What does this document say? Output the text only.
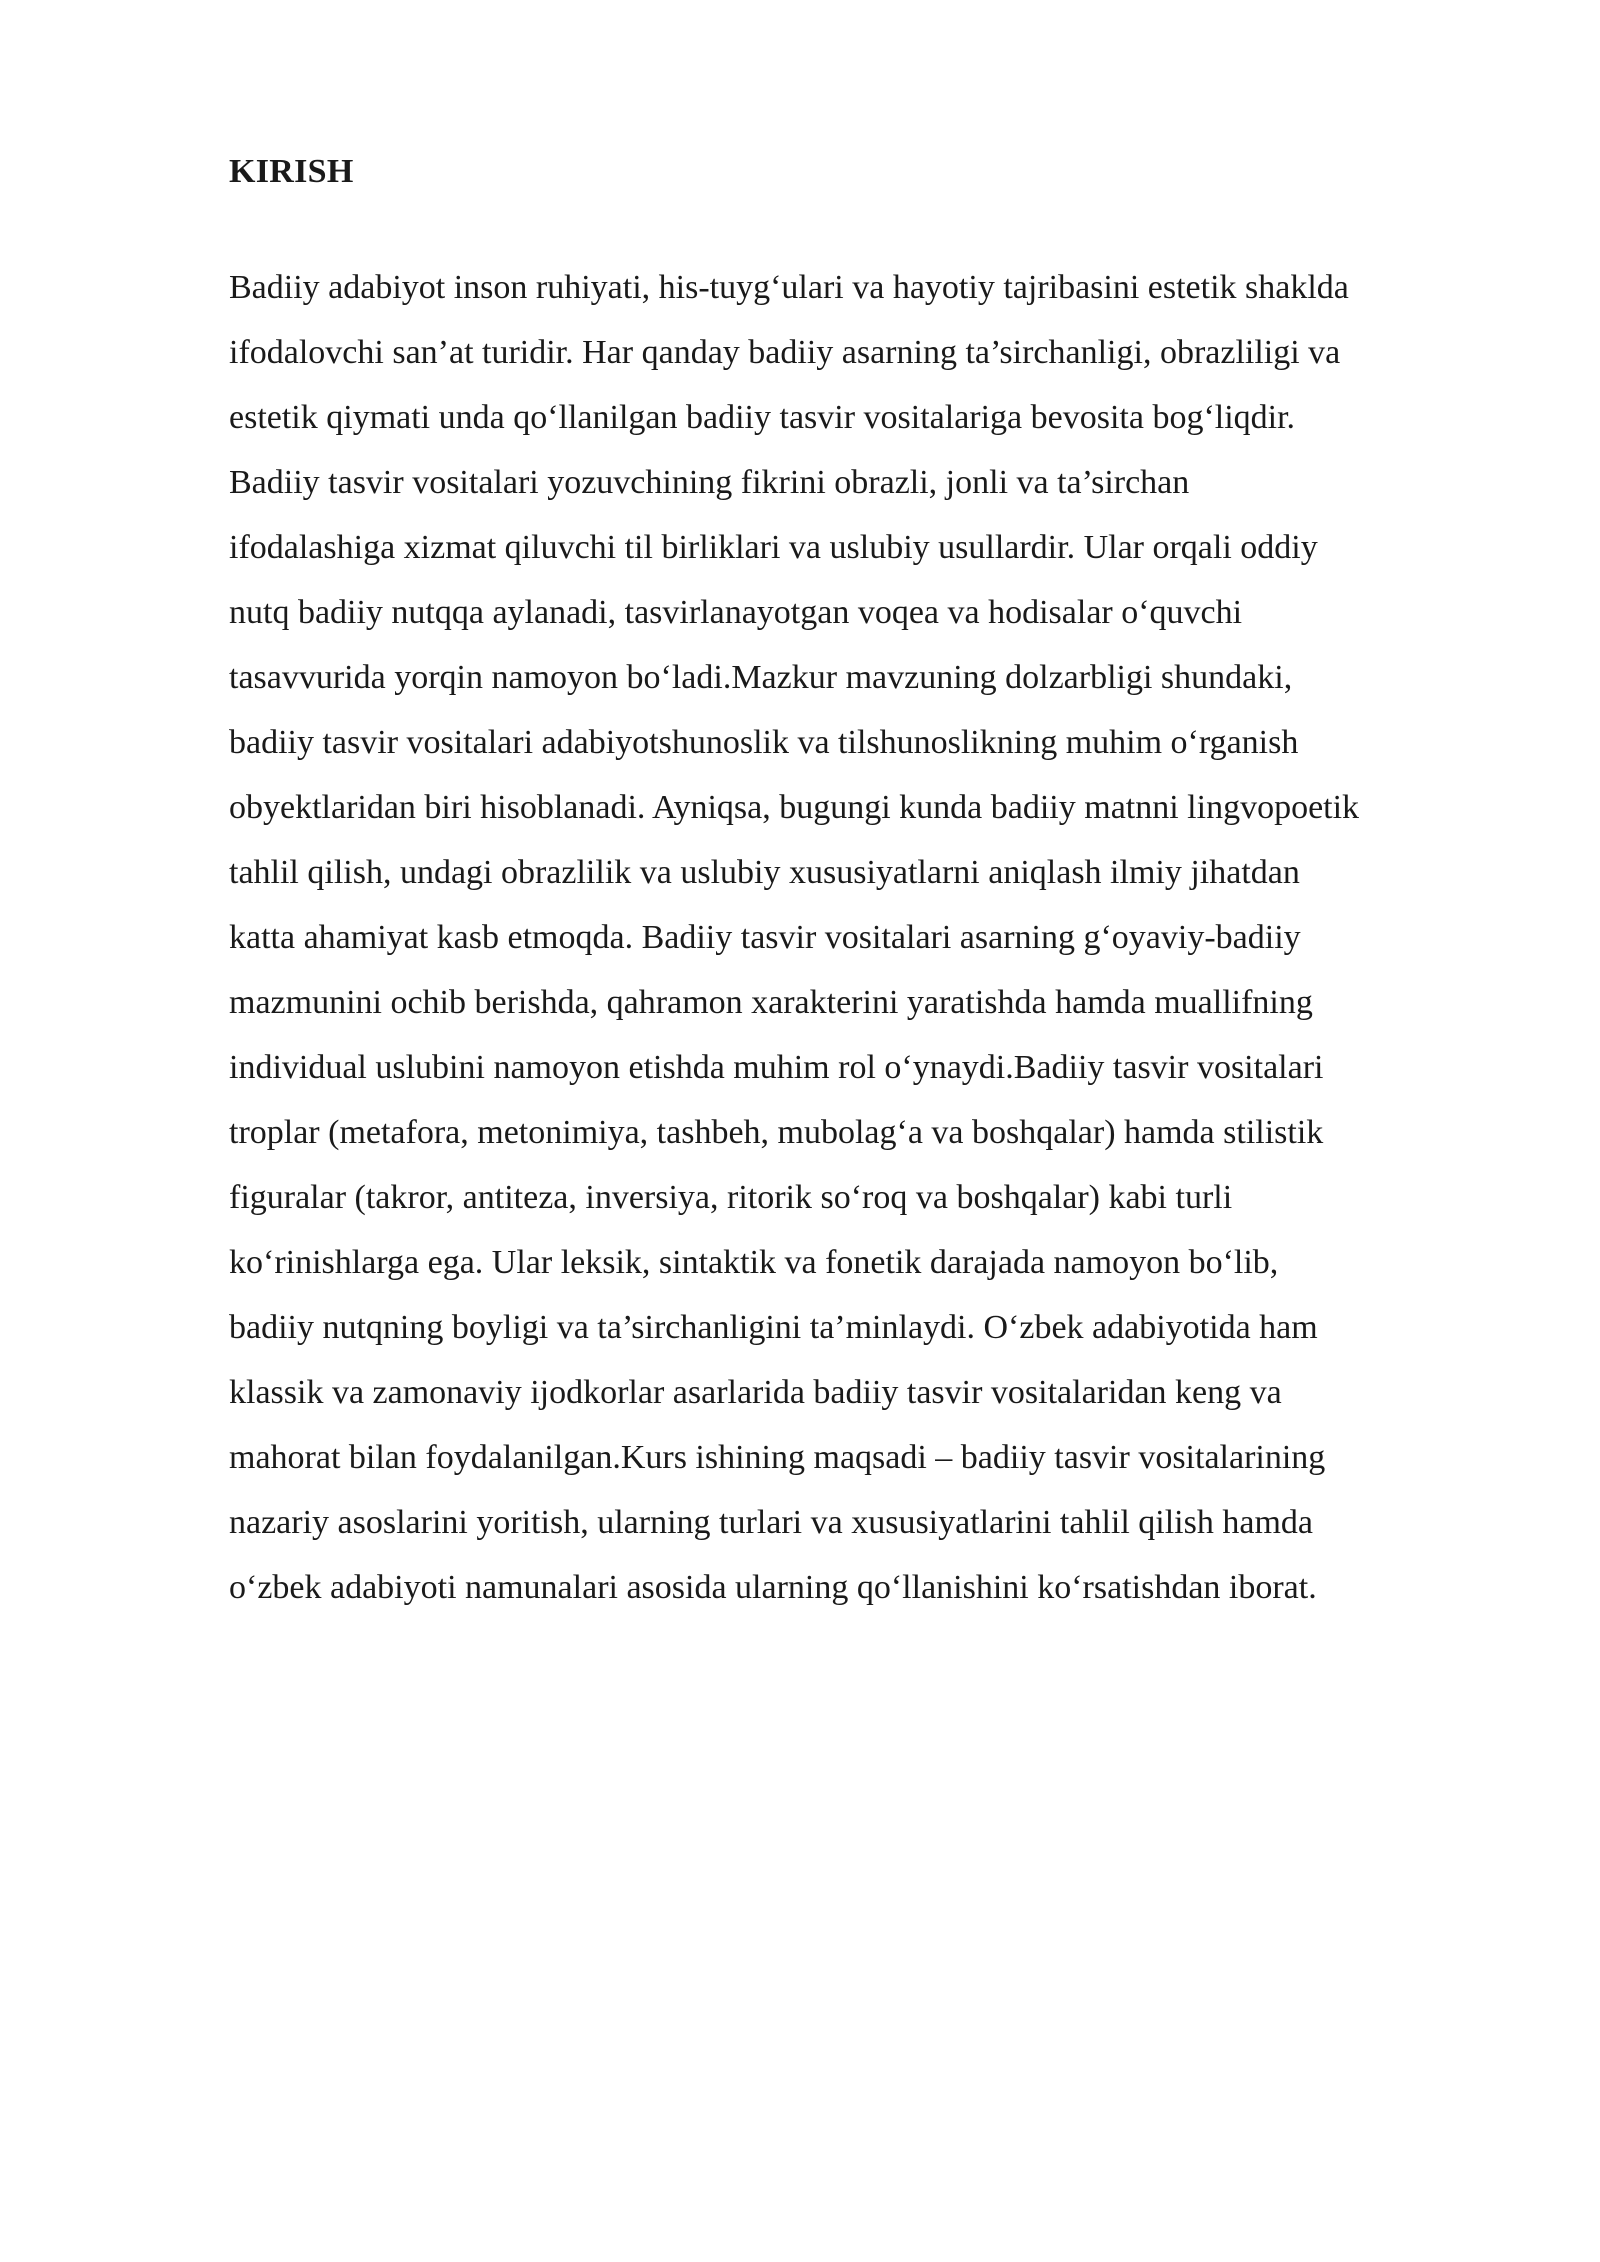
KIRISH
Badiiy adabiyot inson ruhiyati, his-tuyg‘ulari va hayotiy tajribasini estetik shaklda
ifodalovchi san’at turidir. Har qanday badiiy asarning ta’sirchanligi, obrazliligi va
estetik qiymati unda qo‘llanilgan badiiy tasvir vositalariga bevosita bog‘liqdir.
Badiiy tasvir vositalari yozuvchining fikrini obrazli, jonli va ta’sirchan
ifodalashiga xizmat qiluvchi til birliklari va uslubiy usullardir. Ular orqali oddiy
nutq badiiy nutqqa aylanadi, tasvirlanayotgan voqea va hodisalar o‘quvchi
tasavvurida yorqin namoyon bo‘ladi.Mazkur mavzuning dolzarbligi shundaki,
badiiy tasvir vositalari adabiyotshunoslik va tilshunoslikning muhim o‘rganish
obyektlaridan biri hisoblanadi. Ayniqsa, bugungi kunda badiiy matnni lingvopoetik
tahlil qilish, undagi obrazlilik va uslubiy xususiyatlarni aniqlash ilmiy jihatdan
katta ahamiyat kasb etmoqda. Badiiy tasvir vositalari asarning g‘oyaviy-badiiy
mazmunini ochib berishda, qahramon xarakterini yaratishda hamda muallifning
individual uslubini namoyon etishda muhim rol o‘ynaydi.Badiiy tasvir vositalari
troplar (metafora, metonimiya, tashbeh, mubolag‘a va boshqalar) hamda stilistik
figuralar (takror, antiteza, inversiya, ritorik so‘roq va boshqalar) kabi turli
ko‘rinishlarga ega. Ular leksik, sintaktik va fonetik darajada namoyon bo‘lib,
badiiy nutqning boyligi va ta’sirchanligini ta’minlaydi. O‘zbek adabiyotida ham
klassik va zamonaviy ijodkorlar asarlarida badiiy tasvir vositalaridan keng va
mahorat bilan foydalanilgan.Kurs ishining maqsadi – badiiy tasvir vositalarining
nazariy asoslarini yoritish, ularning turlari va xususiyatlarini tahlil qilish hamda
o‘zbek adabiyoti namunalari asosida ularning qo‘llanishini ko‘rsatishdan iborat.
